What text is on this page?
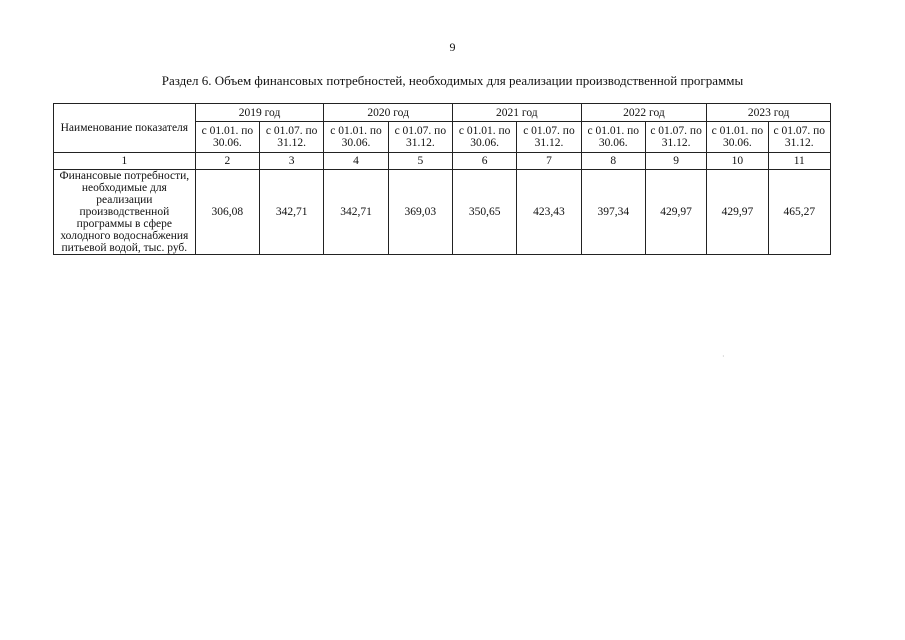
9
Раздел 6. Объем финансовых потребностей, необходимых для реализации производственной программы
Наименование показателя	2019 год		2020 год		2021 год		2022 год		2023 год	
	с 01.01. по 30.06.	с 01.07. по 31.12.	с 01.01. по 30.06.	с 01.07. по 31.12.	с 01.01. по 30.06.	с 01.07. по 31.12.	с 01.01. по 30.06.	с 01.07. по 31.12.	с 01.01. по 30.06.	с 01.07. по 31.12.
1	2	3	4	5	6	7	8	9	10	11
Финансовые потребности, необходимые для реализации производственной программы в сфере холодного водоснабжения питьевой водой, тыс. руб.	306,08	342,71	342,71	369,03	350,65	423,43	397,34	429,97	429,97	465,27
·
